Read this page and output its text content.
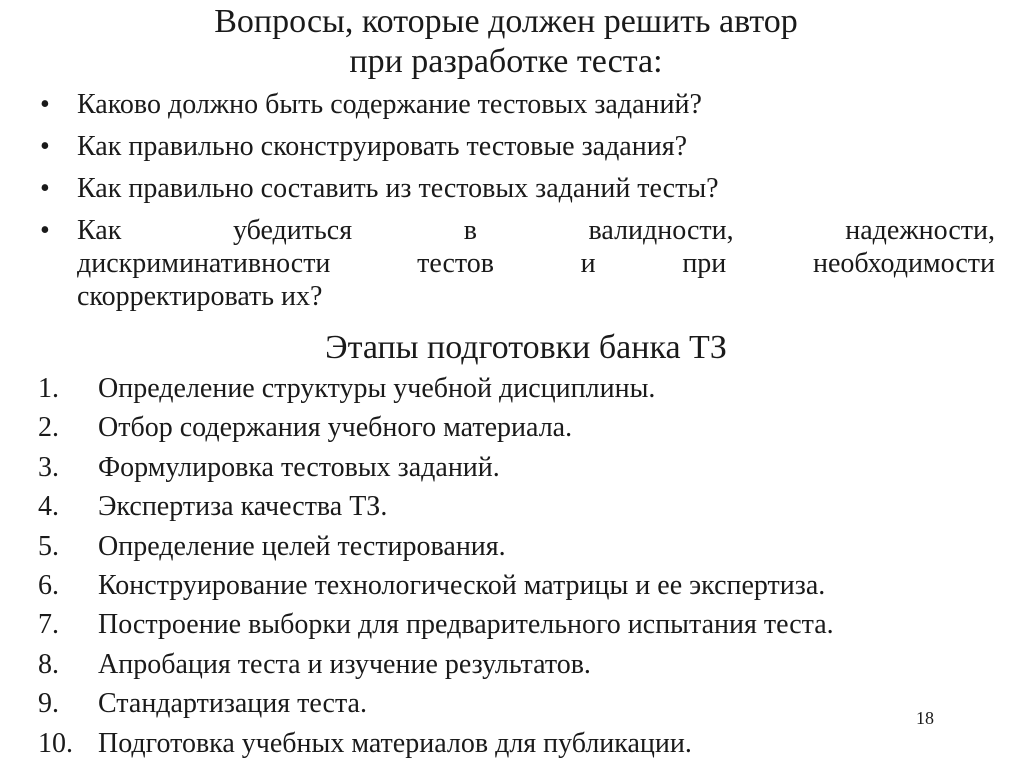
Вопросы, которые должен решить автор
при разработке теста:
• Каково должно быть содержание тестовых заданий?
• Как правильно сконструировать тестовые задания?
• Как правильно составить из тестовых заданий тесты?
• Как убедиться в валидности, надежности,
дискриминативности тестов и при необходимости
скорректировать их?
Этапы подготовки банка ТЗ
1. Определение структуры учебной дисциплины.
2. Отбор содержания учебного материала.
3. Формулировка тестовых заданий.
4. Экспертиза качества ТЗ.
5. Определение целей тестирования.
6. Конструирование технологической матрицы и ее экспертиза.
7. Построение выборки для предварительного испытания теста.
8. Апробация теста и изучение результатов.
9. Стандартизация теста.
10. Подготовка учебных материалов для публикации.
18
